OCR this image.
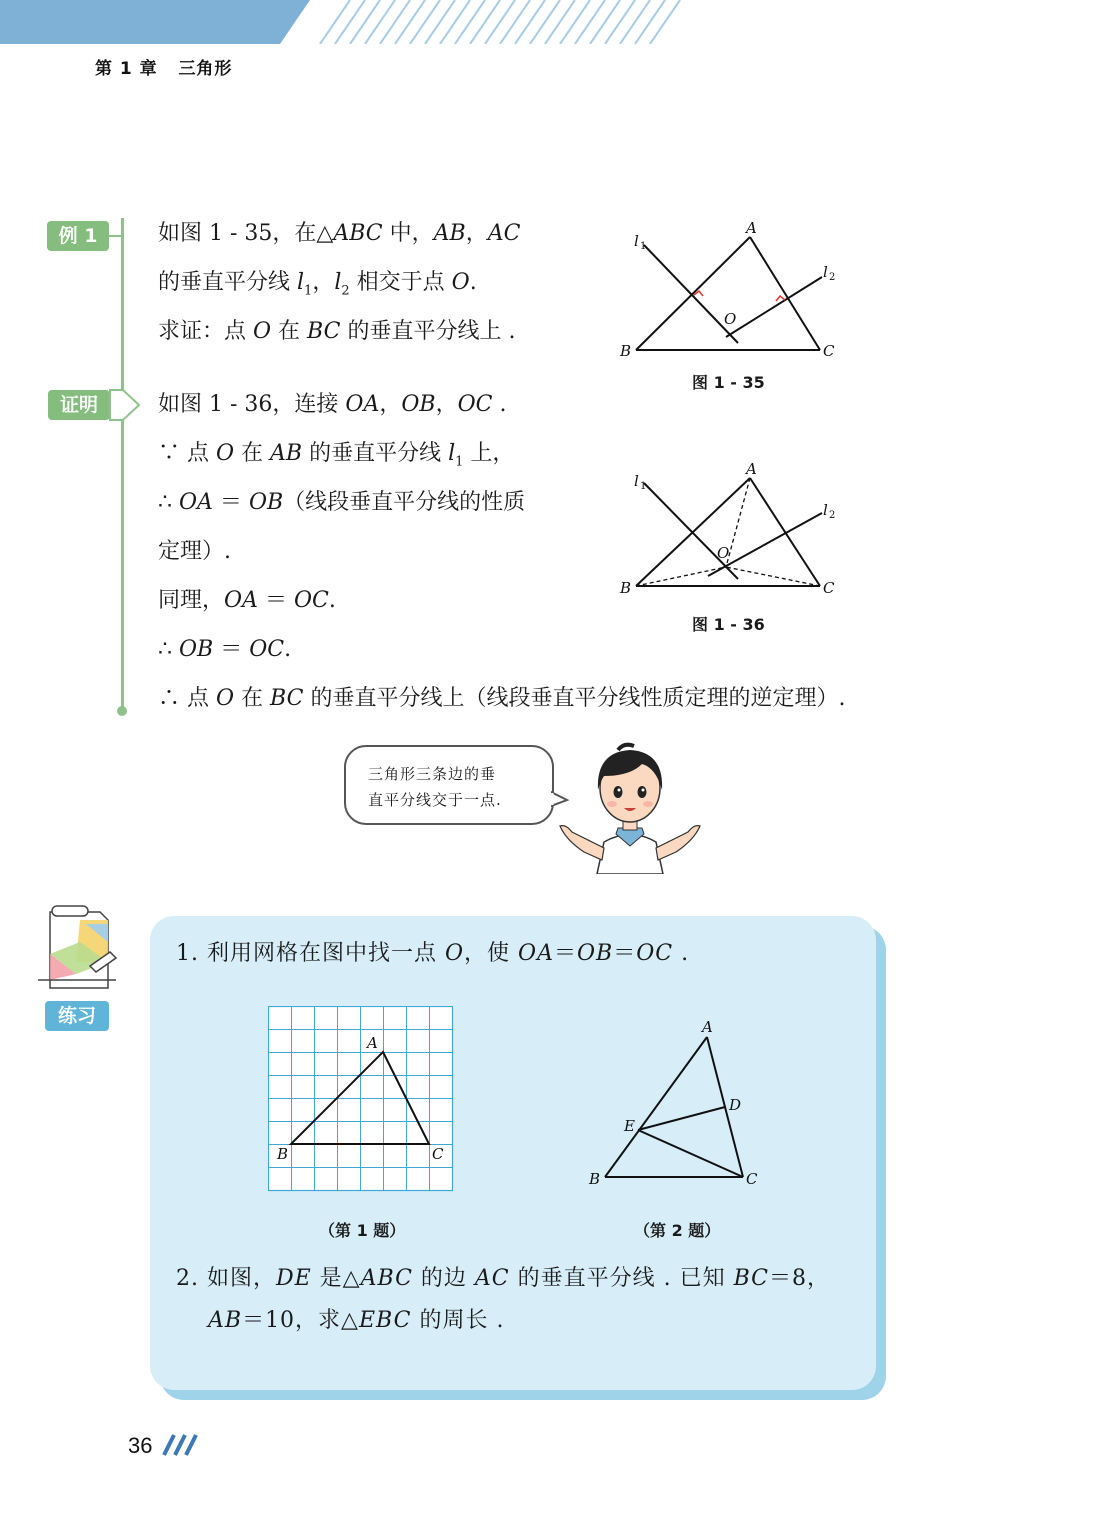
第 1 章 三角形
例 1	如图 1 - 35，在△ABC 中，AB，AC
的垂直平分线 $l_1$，$l_2$ 相交于点 O.
求证：点 O 在 BC 的垂直平分线上 .
证明	如图 1 - 36，连接 OA，OB，OC .
∵ 点 O 在 AB 的垂直平分线 $l_1$ 上，
∴ OA ＝ OB（线段垂直平分线的性质
定理）.
同理，OA ＝ OC.
∴ OB ＝ OC.
∴ 点 O 在 BC 的垂直平分线上（线段垂直平分线性质定理的逆定理）.
A
B	C
O
l 1
l 2
图 1 - 35
A
B	C
O
l 1
l 2
图 1 - 36
三角形三条边的垂
直平分线交于一点.
练习
1. 利用网格在图中找一点 O，使 OA＝OB＝OC .
A
B	C
（第 1 题）
A
B	C
D
E
（第 2 题）
2. 如图，DE 是△ABC 的边 AC 的垂直平分线 . 已知 BC＝8，
AB＝10，求△EBC 的周长 .
36
